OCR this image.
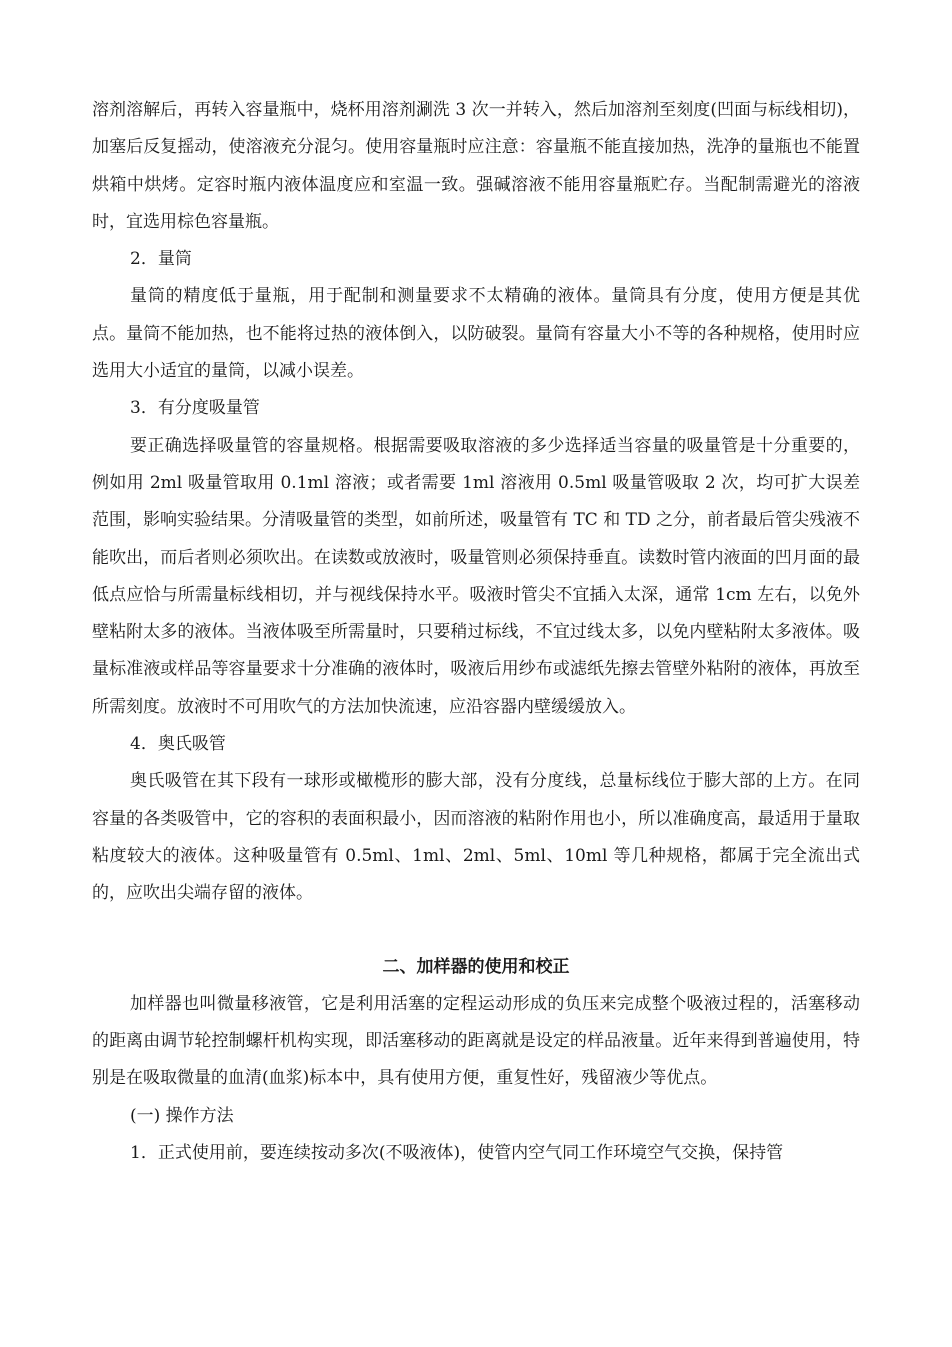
溶剂溶解后，再转入容量瓶中，烧杯用溶剂涮洗 3 次一并转入，然后加溶剂至刻度(凹面与标线相切)，加塞后反复摇动，使溶液充分混匀。使用容量瓶时应注意：容量瓶不能直接加热，洗净的量瓶也不能置烘箱中烘烤。定容时瓶内液体温度应和室温一致。强碱溶液不能用容量瓶贮存。当配制需避光的溶液时，宜选用棕色容量瓶。

2．量筒

量筒的精度低于量瓶，用于配制和测量要求不太精确的液体。量筒具有分度，使用方便是其优点。量筒不能加热，也不能将过热的液体倒入，以防破裂。量筒有容量大小不等的各种规格，使用时应选用大小适宜的量筒，以减小误差。

3．有分度吸量管

要正确选择吸量管的容量规格。根据需要吸取溶液的多少选择适当容量的吸量管是十分重要的，例如用 2ml 吸量管取用 0.1ml 溶液；或者需要 1ml 溶液用 0.5ml 吸量管吸取 2 次，均可扩大误差范围，影响实验结果。分清吸量管的类型，如前所述，吸量管有 TC 和 TD 之分，前者最后管尖残液不能吹出，而后者则必须吹出。在读数或放液时，吸量管则必须保持垂直。读数时管内液面的凹月面的最低点应恰与所需量标线相切，并与视线保持水平。吸液时管尖不宜插入太深，通常 1cm 左右，以免外壁粘附太多的液体。当液体吸至所需量时，只要稍过标线，不宜过线太多，以免内壁粘附太多液体。吸量标准液或样品等容量要求十分准确的液体时，吸液后用纱布或滤纸先擦去管壁外粘附的液体，再放至所需刻度。放液时不可用吹气的方法加快流速，应沿容器内壁缓缓放入。

4．奥氏吸管

奥氏吸管在其下段有一球形或橄榄形的膨大部，没有分度线，总量标线位于膨大部的上方。在同容量的各类吸管中，它的容积的表面积最小，因而溶液的粘附作用也小，所以准确度高，最适用于量取粘度较大的液体。这种吸量管有 0.5ml、1ml、2ml、5ml、10ml 等几种规格，都属于完全流出式的，应吹出尖端存留的液体。

二、加样器的使用和校正

加样器也叫微量移液管，它是利用活塞的定程运动形成的负压来完成整个吸液过程的，活塞移动的距离由调节轮控制螺杆机构实现，即活塞移动的距离就是设定的样品液量。近年来得到普遍使用，特别是在吸取微量的血清(血浆)标本中，具有使用方便，重复性好，残留液少等优点。

(一) 操作方法

1．正式使用前，要连续按动多次(不吸液体)，使管内空气同工作环境空气交换，保持管
